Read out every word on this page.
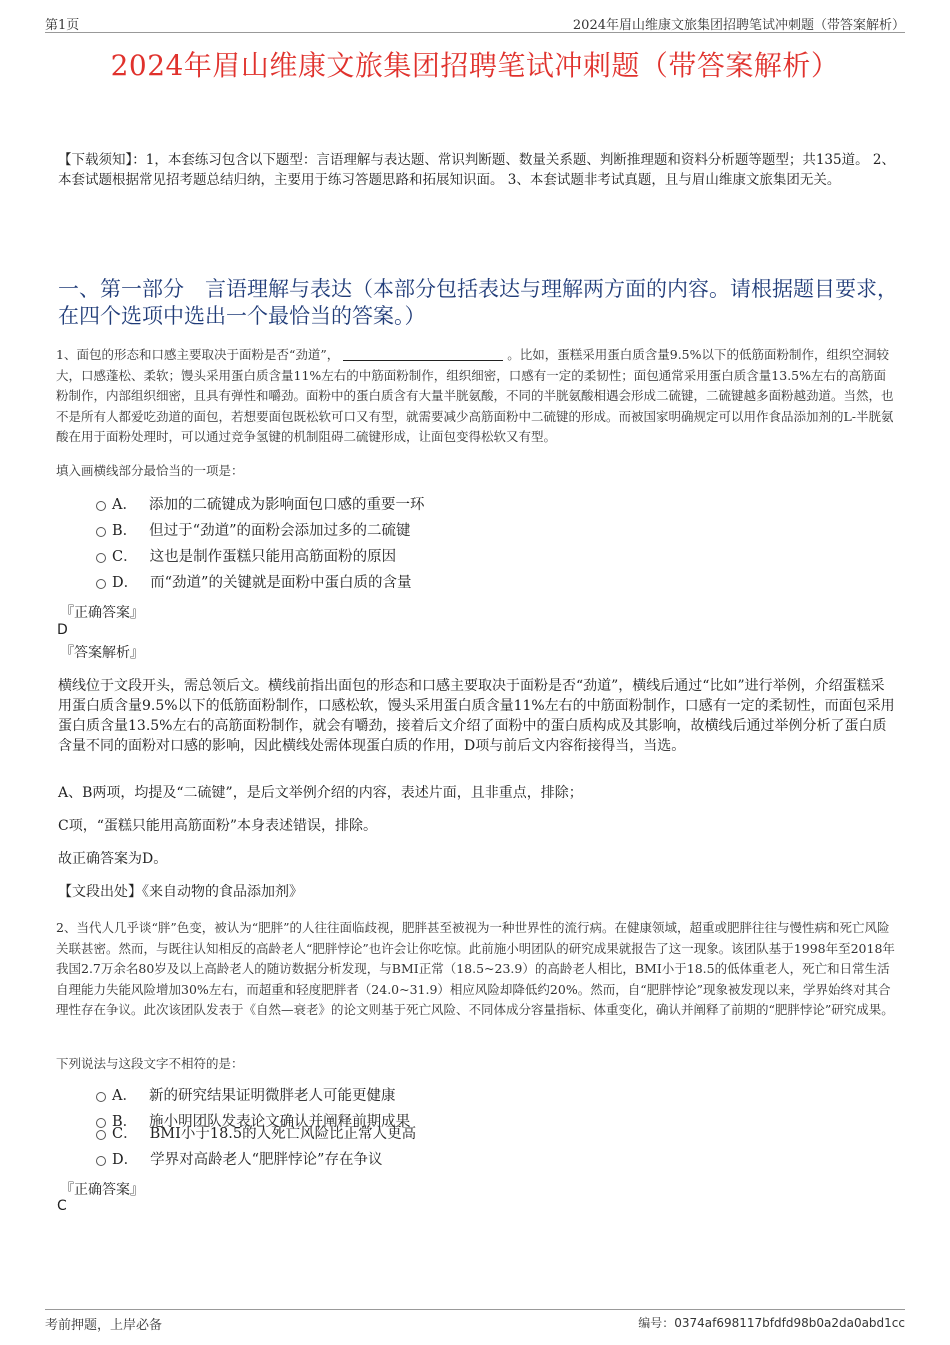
第1页	2024年眉山维康文旅集团招聘笔试冲刺题（带答案解析）
2024年眉山维康文旅集团招聘笔试冲刺题（带答案解析）
【下载须知】：1，本套练习包含以下题型：言语理解与表达题、常识判断题、数量关系题、判断推理题和资料分析题等题型；共135道。 2、本套试题根据常见招考题总结归纳，主要用于练习答题思路和拓展知识面。 3、本套试题非考试真题，且与眉山维康文旅集团无关。
一、第一部分　言语理解与表达（本部分包括表达与理解两方面的内容。请根据题目要求，在四个选项中选出一个最恰当的答案。）
1、面包的形态和口感主要取决于面粉是否“劲道”，	。比如，蛋糕采用蛋白质含量9.5%以下的低筋面粉制作，组织空洞较大，口感蓬松、柔软；馒头采用蛋白质含量11%左右的中筋面粉制作，组织细密，口感有一定的柔韧性；面包通常采用蛋白质含量13.5%左右的高筋面粉制作，内部组织细密，且具有弹性和嚼劲。面粉中的蛋白质含有大量半胱氨酸，不同的半胱氨酸相遇会形成二硫键，二硫键越多面粉越劲道。当然，也不是所有人都爱吃劲道的面包，若想要面包既松软可口又有型，就需要减少高筋面粉中二硫键的形成。而被国家明确规定可以用作食品添加剂的L-半胱氨酸在用于面粉处理时，可以通过竞争氢键的机制阻碍二硫键形成，让面包变得松软又有型。
填入画横线部分最恰当的一项是：
A． 添加的二硫键成为影响面包口感的重要一环
B． 但过于“劲道”的面粉会添加过多的二硫键
C． 这也是制作蛋糕只能用高筋面粉的原因
D． 而“劲道”的关键就是面粉中蛋白质的含量
『正确答案』
D
『答案解析』
横线位于文段开头，需总领后文。横线前指出面包的形态和口感主要取决于面粉是否“劲道”，横线后通过“比如”进行举例，介绍蛋糕采用蛋白质含量9.5%以下的低筋面粉制作，口感松软，馒头采用蛋白质含量11%左右的中筋面粉制作，口感有一定的柔韧性，而面包采用蛋白质含量13.5%左右的高筋面粉制作，就会有嚼劲，接着后文介绍了面粉中的蛋白质构成及其影响，故横线后通过举例分析了蛋白质含量不同的面粉对口感的影响，因此横线处需体现蛋白质的作用，D项与前后文内容衔接得当，当选。
A、B两项，均提及“二硫键”，是后文举例介绍的内容，表述片面，且非重点，排除；
C项，“蛋糕只能用高筋面粉”本身表述错误，排除。
故正确答案为D。
【文段出处】《来自动物的食品添加剂》
2、当代人几乎谈“胖”色变，被认为“肥胖”的人往往面临歧视，肥胖甚至被视为一种世界性的流行病。在健康领域，超重或肥胖往往与慢性病和死亡风险关联甚密。然而，与既往认知相反的高龄老人“肥胖悖论”也许会让你吃惊。此前施小明团队的研究成果就报告了这一现象。该团队基于1998年至2018年我国2.7万余名80岁及以上高龄老人的随访数据分析发现，与BMI正常（18.5~23.9）的高龄老人相比，BMI小于18.5的低体重老人，死亡和日常生活自理能力失能风险增加30%左右，而超重和轻度肥胖者（24.0~31.9）相应风险却降低约20%。然而，自“肥胖悖论”现象被发现以来，学界始终对其合理性存在争议。此次该团队发表于《自然—衰老》的论文则基于死亡风险、不同体成分容量指标、体重变化，确认并阐释了前期的“肥胖悖论”研究成果。
下列说法与这段文字不相符的是：
A． 新的研究结果证明微胖老人可能更健康
B． 施小明团队发表论文确认并阐释前期成果
C． BMI小于18.5的人死亡风险比正常人更高
D． 学界对高龄老人“肥胖悖论”存在争议
『正确答案』
C
考前押题，上岸必备	编号：0374af698117bfdfd98b0a2da0abd1cc
